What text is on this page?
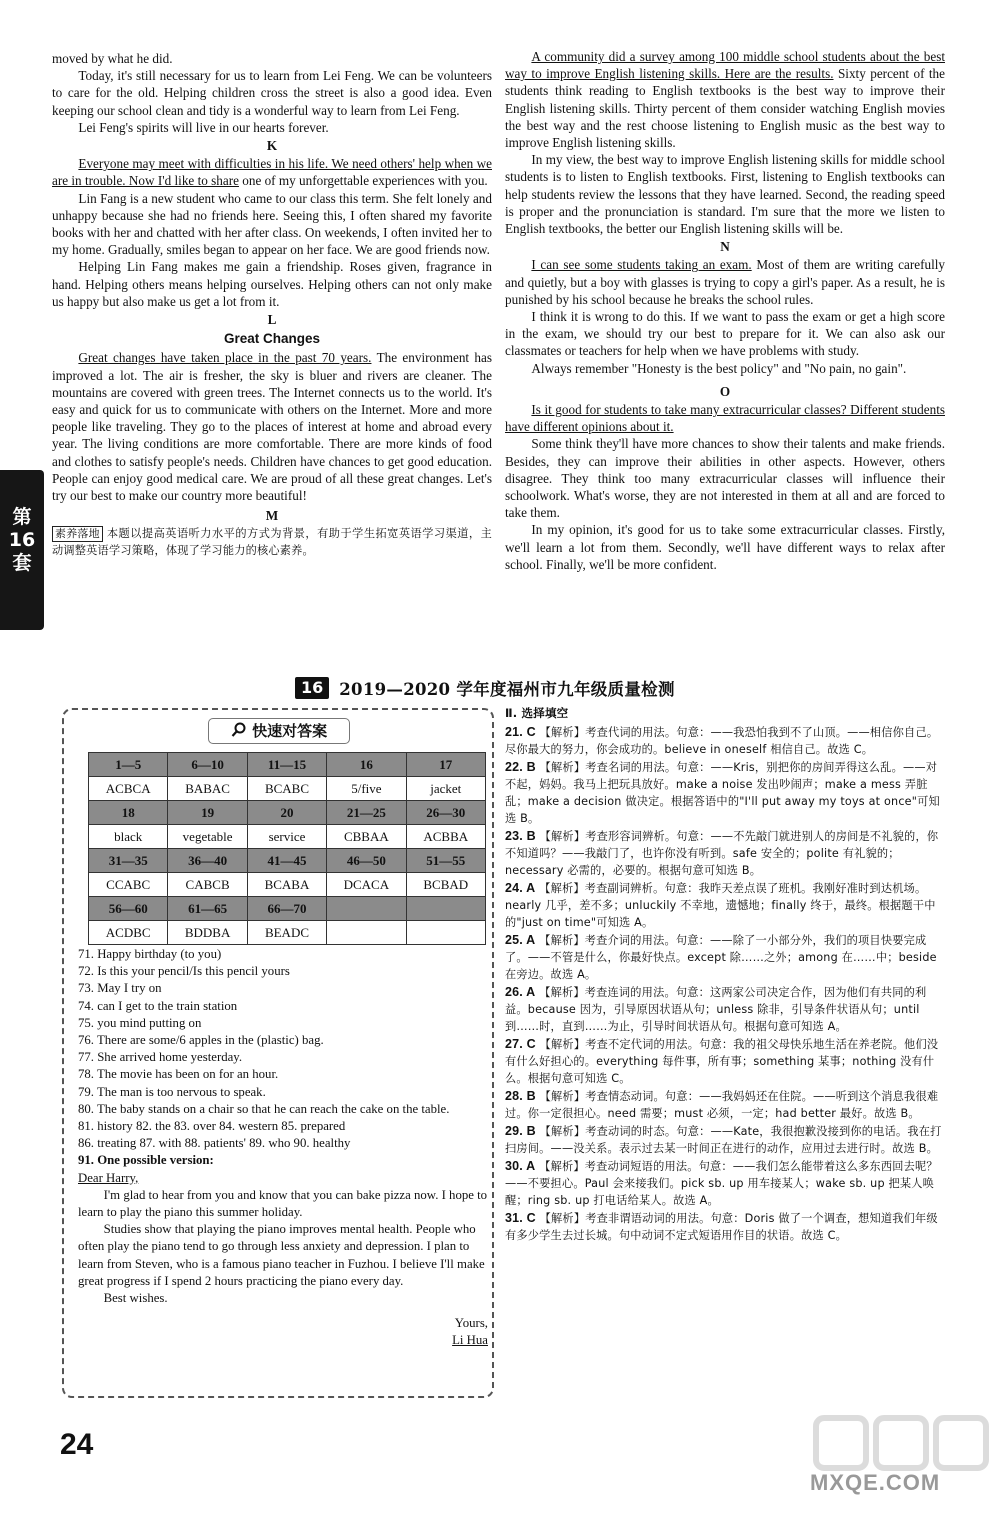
moved by what he did.

Today, it's still necessary for us to learn from Lei Feng. We can be volunteers to care for the old. Helping children cross the street is also a good idea. Even keeping our school clean and tidy is a wonderful way to learn from Lei Feng.

Lei Feng's spirits will live in our hearts forever.

K

Everyone may meet with difficulties in his life. We need others' help when we are in trouble. Now I'd like to share one of my unforgettable experiences with you.

Lin Fang is a new student who came to our class this term. She felt lonely and unhappy because she had no friends here. Seeing this, I often shared my favorite books with her and chatted with her after class. On weekends, I often invited her to my home. Gradually, smiles began to appear on her face. We are good friends now.

Helping Lin Fang makes me gain a friendship. Roses given, fragrance in hand. Helping others means helping ourselves. Helping others can not only make us happy but also make us get a lot from it.

L
Great Changes

Great changes have taken place in the past 70 years. The environment has improved a lot. The air is fresher, the sky is bluer and rivers are cleaner. The mountains are covered with green trees. The Internet connects us to the world. It's easy and quick for us to communicate with others on the Internet. More and more people like traveling. They go to the places of interest at home and abroad every year. The living conditions are more comfortable. There are more kinds of food and clothes to satisfy people's needs. Children have chances to get good education. People can enjoy good medical care. We are proud of all these great changes. Let's try our best to make our country more beautiful!

M

素养落地 本题以提高英语听力水平的方式为背景，有助于学生拓宽英语学习渠道，主动调整英语学习策略，体现了学习能力的核心素养。

A community did a survey among 100 middle school students about the best way to improve English listening skills. Here are the results. Sixty percent of the students think reading to English textbooks is the best way to improve their English listening skills. Thirty percent of them consider watching English movies the best way and the rest choose listening to English music as the best way to improve English listening skills.

In my view, the best way to improve English listening skills for middle school students is to listen to English textbooks. First, listening to English textbooks can help students review the lessons that they have learned. Second, the reading speed is proper and the pronunciation is standard. I'm sure that the more we listen to English textbooks, the better our English listening skills will be.

N

I can see some students taking an exam. Most of them are writing carefully and quietly, but a boy with glasses is trying to copy a girl's paper. As a result, he is punished by his school because he breaks the school rules.

I think it is wrong to do this. If we want to pass the exam or get a high score in the exam, we should try our best to prepare for it. We can also ask our classmates or teachers for help when we have problems with study.

Always remember "Honesty is the best policy" and "No pain, no gain".

O

Is it good for students to take many extracurricular classes? Different students have different opinions about it.

Some think they'll have more chances to show their talents and make friends. Besides, they can improve their abilities in other aspects. However, others disagree. They think too many extracurricular classes will influence their schoolwork. What's worse, they are not interested in them at all and are forced to take them.

In my opinion, it's good for us to take some extracurricular classes. Firstly, we'll learn a lot from them. Secondly, we'll have different ways to relax after school. Finally, we'll be more confident.

第
16
套
16 2019—2020 学年度福州市九年级质量检测
快速对答案
1—5	6—10	11—15	16	17
ACBCA	BABAC	BCABC	5/five	jacket
18	19	20	21—25	26—30
black	vegetable	service	CBBAA	ACBBA
31—35	36—40	41—45	46—50	51—55
CCABC	CABCB	BCABA	DCACA	BCBAD
56—60	61—65	66—70		
ACDBC	BDDBA	BEADC		

71. Happy birthday (to you)

72. Is this your pencil/Is this pencil yours

73. May I try on

74. can I get to the train station

75. you mind putting on

76. There are some/6 apples in the (plastic) bag.

77. She arrived home yesterday.

78. The movie has been on for an hour.

79. The man is too nervous to speak.

80. The baby stands on a chair so that he can reach the cake on the table.

81. history 82. the 83. over 84. western 85. prepared

86. treating 87. with 88. patients' 89. who 90. healthy

91. One possible version:

Dear Harry,

I'm glad to hear from you and know that you can bake pizza now. I hope to learn to play the piano this summer holiday.

Studies show that playing the piano improves mental health. People who often play the piano tend to go through less anxiety and depression. I plan to learn from Steven, who is a famous piano teacher in Fuzhou. I believe I'll make great progress if I spend 2 hours practicing the piano every day.

Best wishes.

Yours,

Li Hua

Ⅱ. 选择填空
21. C 【解析】考查代词的用法。句意：——我恐怕我到不了山顶。——相信你自己。尽你最大的努力，你会成功的。believe in oneself 相信自己。故选 C。
22. B 【解析】考查名词的用法。句意：——Kris，别把你的房间弄得这么乱。——对不起，妈妈。我马上把玩具放好。make a noise 发出吵闹声；make a mess 弄脏乱；make a decision 做决定。根据答语中的"I'll put away my toys at once"可知选 B。
23. B 【解析】考查形容词辨析。句意：——不先敲门就进别人的房间是不礼貌的，你不知道吗？——我敲门了，也许你没有听到。safe 安全的；polite 有礼貌的；necessary 必需的，必要的。根据句意可知选 B。
24. A 【解析】考查副词辨析。句意：我昨天差点误了班机。我刚好准时到达机场。nearly 几乎，差不多；unluckily 不幸地，遗憾地；finally 终于，最终。根据题干中的"just on time"可知选 A。
25. A 【解析】考查介词的用法。句意：——除了一小部分外，我们的项目快要完成了。——不管是什么，你最好快点。except 除……之外；among 在……中；beside 在旁边。故选 A。
26. A 【解析】考查连词的用法。句意：这两家公司决定合作，因为他们有共同的利益。because 因为，引导原因状语从句；unless 除非，引导条件状语从句；until 到……时，直到……为止，引导时间状语从句。根据句意可知选 A。
27. C 【解析】考查不定代词的用法。句意：我的祖父母快乐地生活在养老院。他们没有什么好担心的。everything 每件事，所有事；something 某事；nothing 没有什么。根据句意可知选 C。
28. B 【解析】考查情态动词。句意：——我妈妈还在住院。——听到这个消息我很难过。你一定很担心。need 需要；must 必须，一定；had better 最好。故选 B。
29. B 【解析】考查动词的时态。句意：——Kate，我很抱歉没接到你的电话。我在打扫房间。——没关系。表示过去某一时间正在进行的动作，应用过去进行时。故选 B。
30. A 【解析】考查动词短语的用法。句意：——我们怎么能带着这么多东西回去呢？——不要担心。Paul 会来接我们。pick sb. up 用车接某人；wake sb. up 把某人唤醒；ring sb. up 打电话给某人。故选 A。
31. C 【解析】考查非谓语动词的用法。句意：Doris 做了一个调查，想知道我们年级有多少学生去过长城。句中动词不定式短语用作目的状语。故选 C。
24
MXQE.COM
